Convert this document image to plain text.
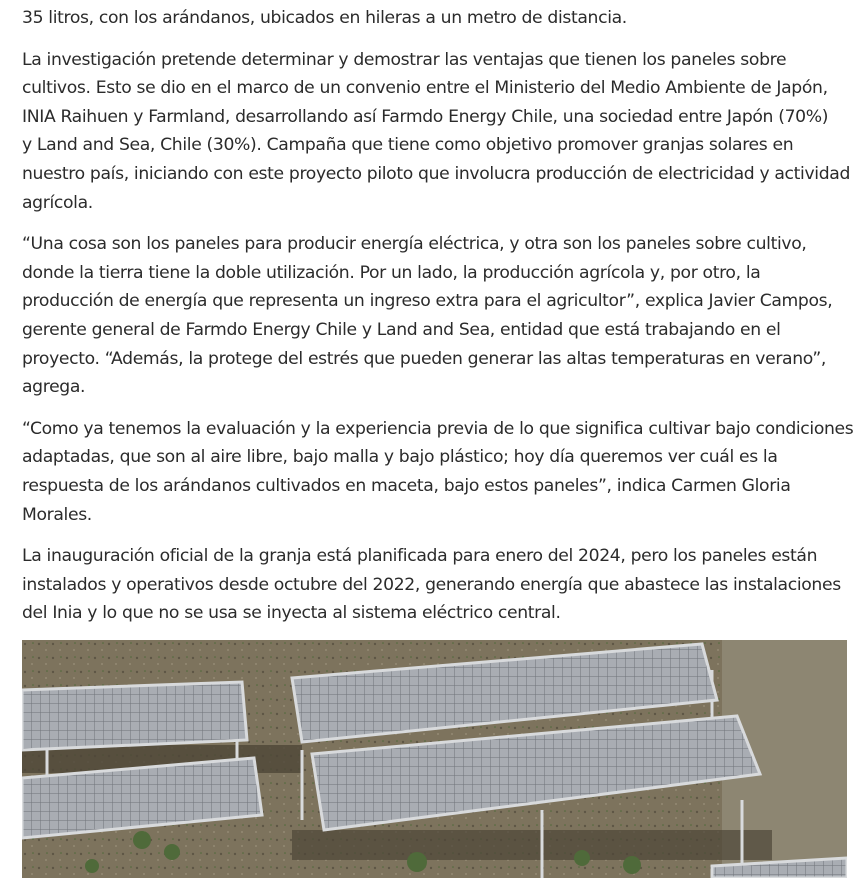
35 litros, con los arándanos, ubicados en hileras a un metro de distancia.

La investigación pretende determinar y demostrar las ventajas que tienen los paneles sobre
cultivos. Esto se dio en el marco de un convenio entre el Ministerio del Medio Ambiente de Japón,
INIA Raihuen y Farmland, desarrollando así Farmdo Energy Chile, una sociedad entre Japón (70%)
y Land and Sea, Chile (30%). Campaña que tiene como objetivo promover granjas solares en
nuestro país, iniciando con este proyecto piloto que involucra producción de electricidad y actividad
agrícola.

“Una cosa son los paneles para producir energía eléctrica, y otra son los paneles sobre cultivo,
donde la tierra tiene la doble utilización. Por un lado, la producción agrícola y, por otro, la
producción de energía que representa un ingreso extra para el agricultor”, explica Javier Campos,
gerente general de Farmdo Energy Chile y Land and Sea, entidad que está trabajando en el
proyecto. “Además, la protege del estrés que pueden generar las altas temperaturas en verano”,
agrega.

“Como ya tenemos la evaluación y la experiencia previa de lo que significa cultivar bajo condiciones
adaptadas, que son al aire libre, bajo malla y bajo plástico; hoy día queremos ver cuál es la
respuesta de los arándanos cultivados en maceta, bajo estos paneles”, indica Carmen Gloria
Morales.

La inauguración oficial de la granja está planificada para enero del 2024, pero los paneles están
instalados y operativos desde octubre del 2022, generando energía que abastece las instalaciones
del Inia y lo que no se usa se inyecta al sistema eléctrico central.
